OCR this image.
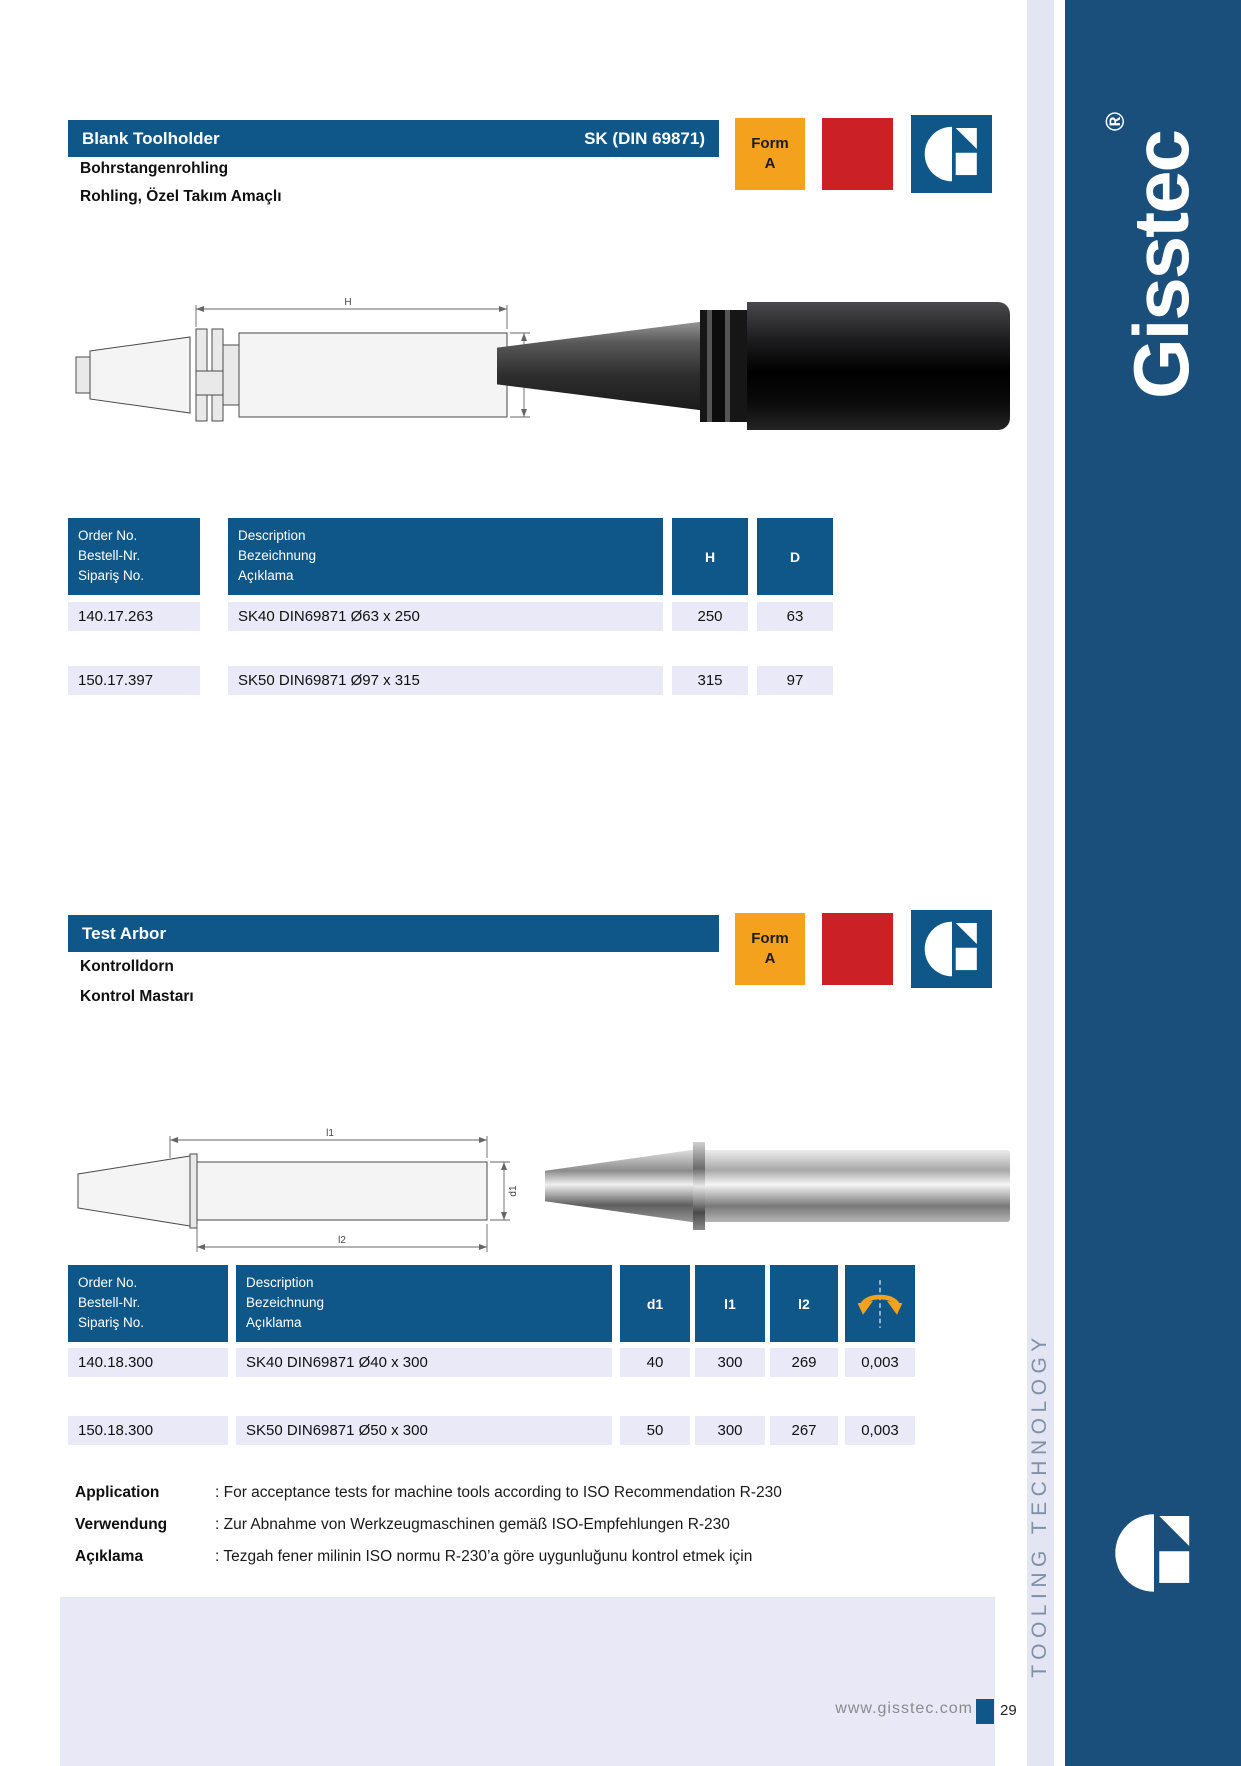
Gisstec®
TOOLING TECHNOLOGY
www.gisstec.com 29
Blank Toolholder	SK (DIN 69871)	Form
A
Bohrstangenrohling
Rohling, Özel Takım Amaçlı
H
Order No.
Bestell-Nr.
Sipariş No.
Description
Bezeichnung
Açıklama
H	D
140.17.263	SK40 DIN69871 Ø63 x 250	250	63
150.17.397	SK50 DIN69871 Ø97 x 315	315	97
Test Arbor	Form
A
Kontrolldorn
Kontrol Mastarı
l1
l2
d1
Order No.
Bestell-Nr.
Sipariş No.
Description
Bezeichnung
Açıklama
d1	l1	l2
140.18.300	SK40 DIN69871 Ø40 x 300	40	300	269	0,003
150.18.300	SK50 DIN69871 Ø50 x 300	50	300	267	0,003
Application	: For acceptance tests for machine tools according to ISO Recommendation R-230
Verwendung	: Zur Abnahme von Werkzeugmaschinen gemäß ISO-Empfehlungen R-230
Açıklama	: Tezgah fener milinin ISO normu R-230’a göre uygunluğunu kontrol etmek için
